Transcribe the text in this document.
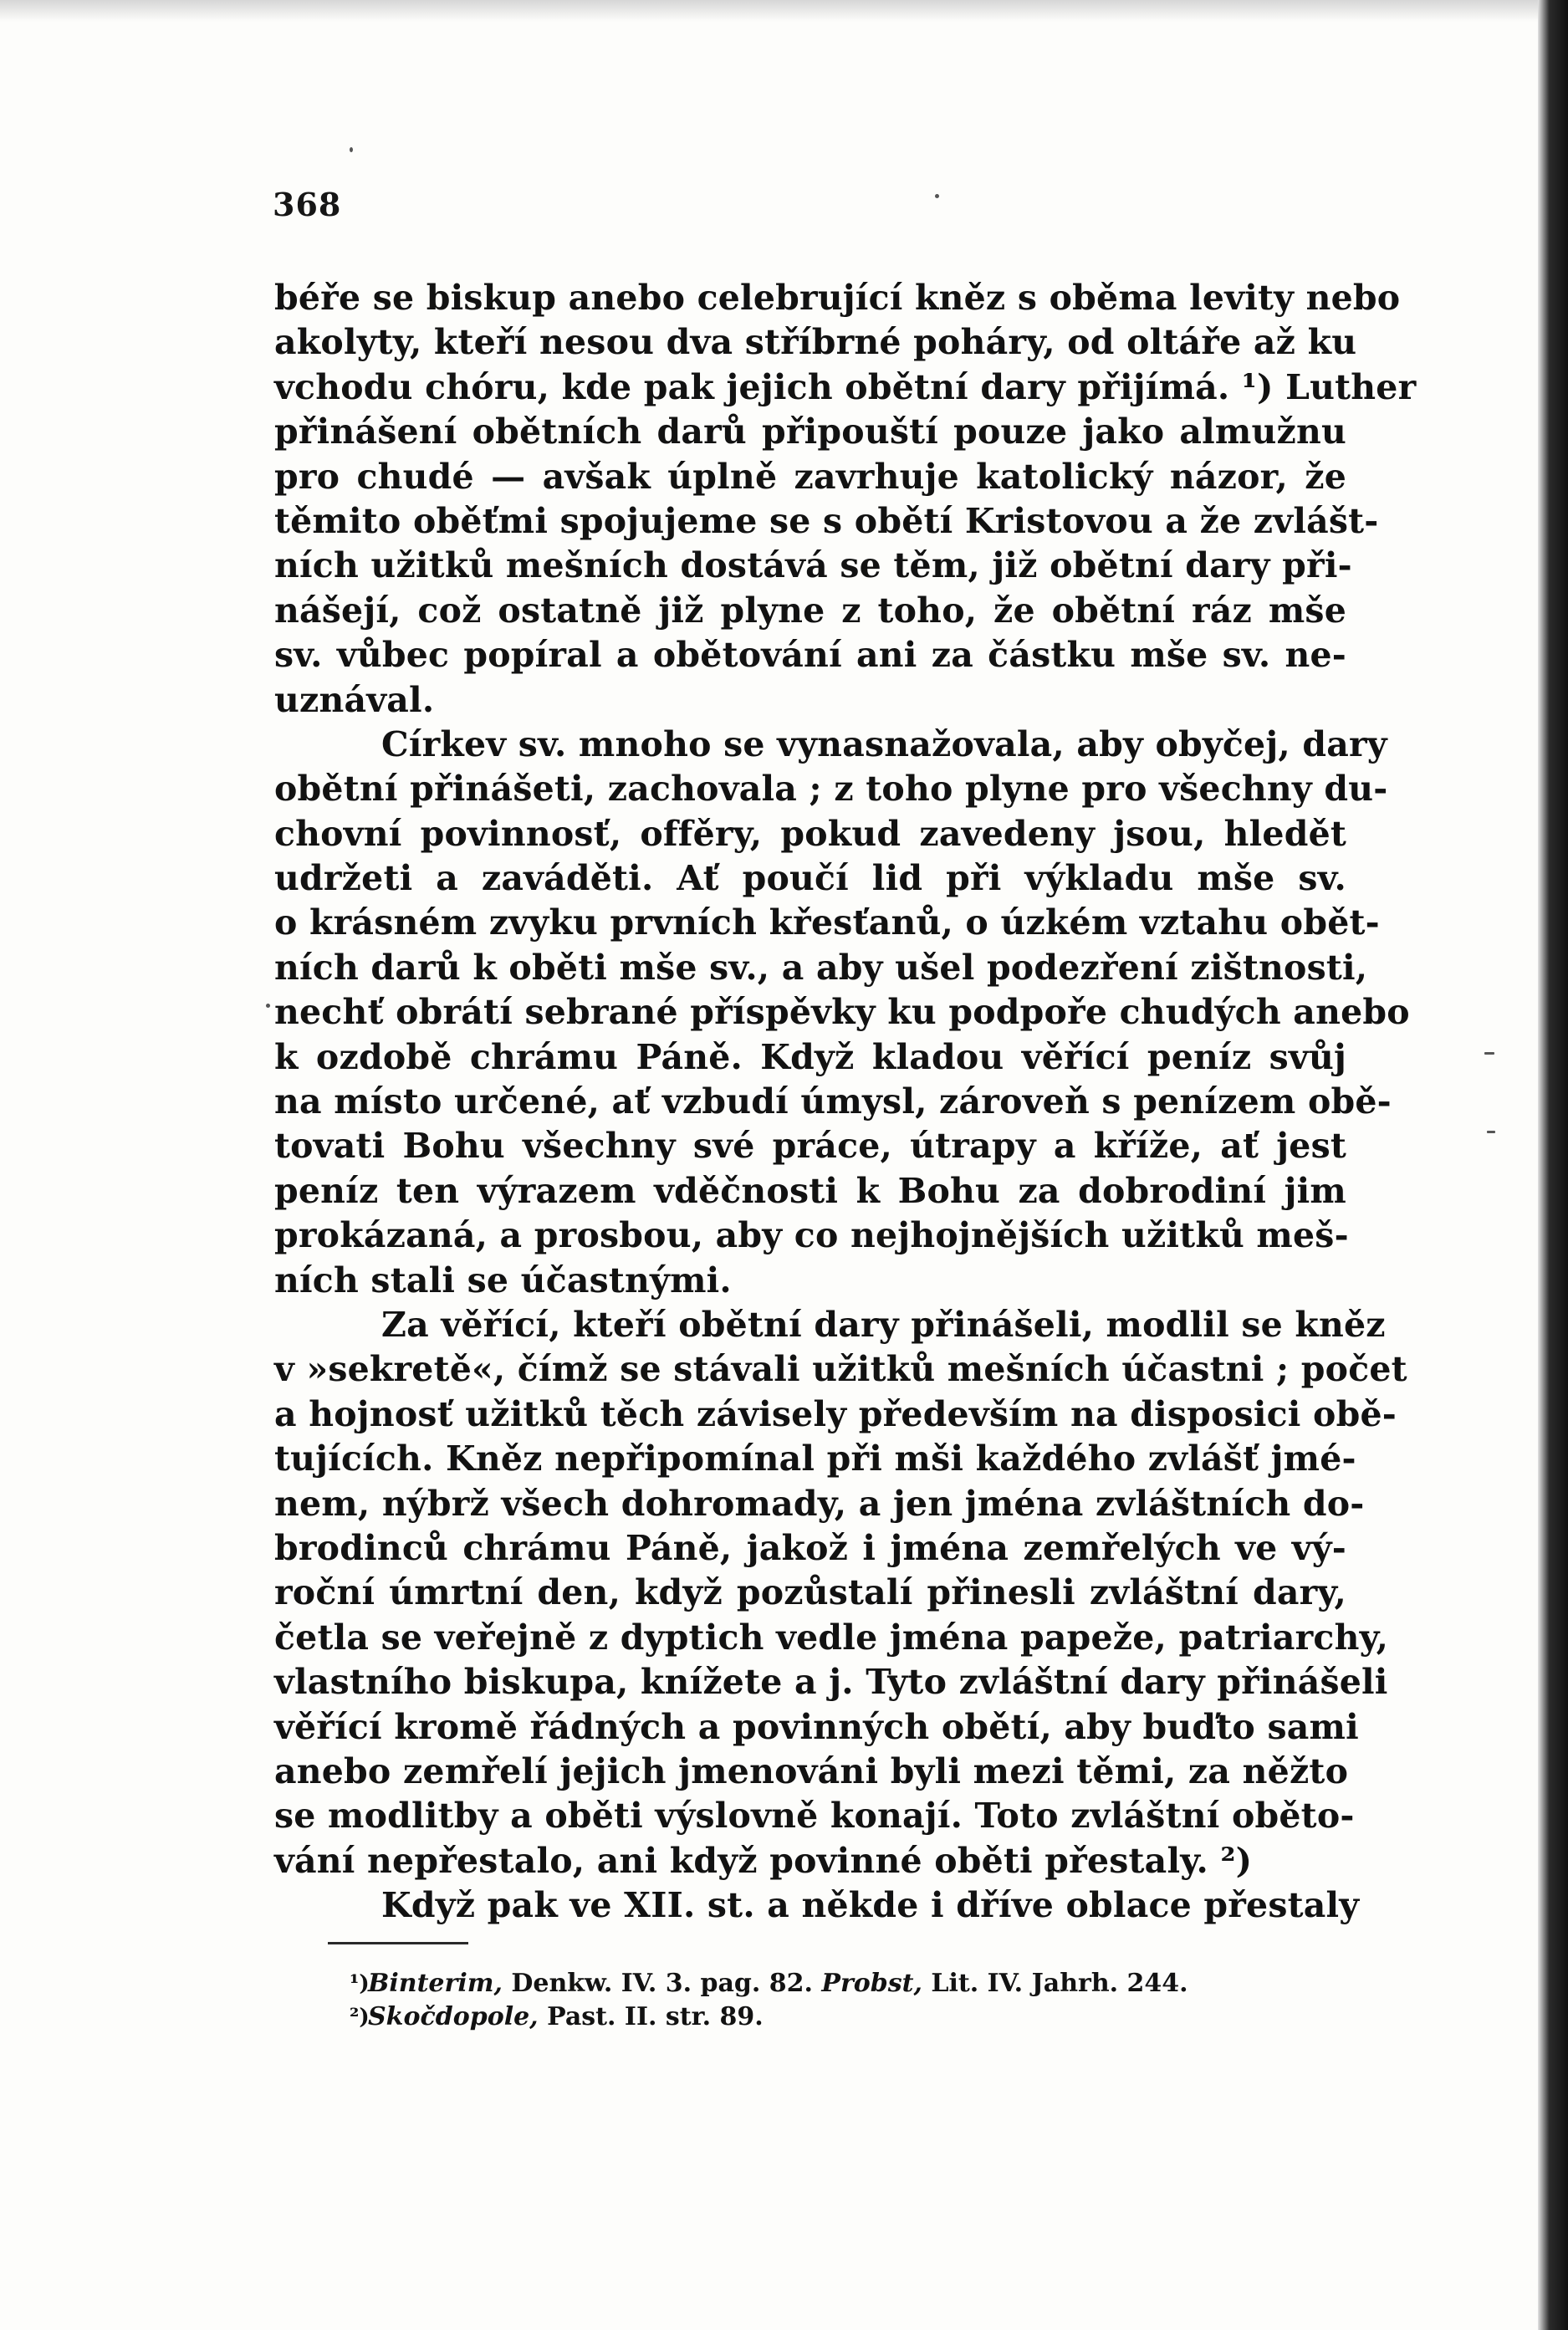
368
béře se biskup anebo celebrující kněz s oběma levity nebo
akolyty, kteří nesou dva stříbrné poháry, od oltáře až ku
vchodu chóru, kde pak jejich obětní dary přijímá. ¹) Luther
přinášení obětních darů připouští pouze jako almužnu
pro chudé — avšak úplně zavrhuje katolický názor, že
těmito oběťmi spojujeme se s obětí Kristovou a že zvlášt-
ních užitků mešních dostává se těm, již obětní dary při-
nášejí, což ostatně již plyne z toho, že obětní ráz mše
sv. vůbec popíral a obětování ani za částku mše sv. ne-
uznával.
Církev sv. mnoho se vynasnažovala, aby obyčej, dary
obětní přinášeti, zachovala ; z toho plyne pro všechny du-
chovní povinnosť, offěry, pokud zavedeny jsou, hledět
udržeti a zaváděti. Ať poučí lid při výkladu mše sv.
o krásném zvyku prvních křesťanů, o úzkém vztahu obět-
ních darů k oběti mše sv., a aby ušel podezření zištnosti,
nechť obrátí sebrané příspěvky ku podpoře chudých anebo
k ozdobě chrámu Páně. Když kladou věřící peníz svůj
na místo určené, ať vzbudí úmysl, zároveň s penízem obě-
tovati Bohu všechny své práce, útrapy a kříže, ať jest
peníz ten výrazem vděčnosti k Bohu za dobrodiní jim
prokázaná, a prosbou, aby co nejhojnějších užitků meš-
ních stali se účastnými.
Za věřící, kteří obětní dary přinášeli, modlil se kněz
v »sekretě«, čímž se stávali užitků mešních účastni ; počet
a hojnosť užitků těch závisely především na disposici obě-
tujících. Kněz nepřipomínal při mši každého zvlášť jmé-
nem, nýbrž všech dohromady, a jen jména zvláštních do-
brodinců chrámu Páně, jakož i jména zemřelých ve vý-
roční úmrtní den, když pozůstalí přinesli zvláštní dary,
četla se veřejně z dyptich vedle jména papeže, patriarchy,
vlastního biskupa, knížete a j. Tyto zvláštní dary přinášeli
věřící kromě řádných a povinných obětí, aby buďto sami
anebo zemřelí jejich jmenováni byli mezi těmi, za něžto
se modlitby a oběti výslovně konají. Toto zvláštní oběto-
vání nepřestalo, ani když povinné oběti přestaly. ²)
Když pak ve XII. st. a někde i dříve oblace přestaly
¹)
Binterim, Denkw. IV. 3. pag. 82. Probst, Lit. IV. Jahrh. 244.
²)
Skočdopole, Past. II. str. 89.
